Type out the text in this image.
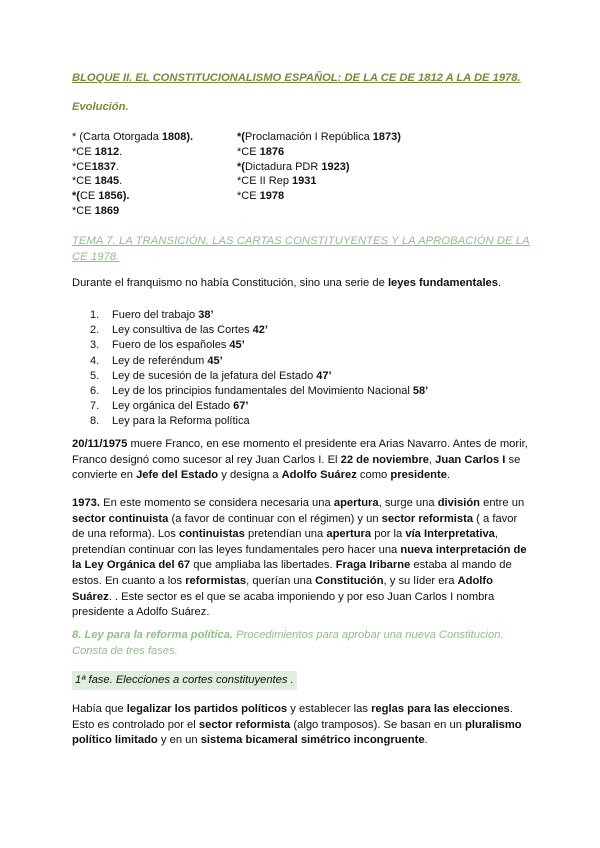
BLOQUE II. EL CONSTITUCIONALISMO ESPAÑOL: DE LA CE DE 1812 A LA DE 1978.
Evolución.
* (Carta Otorgada 1808).
*CE 1812.
*CE1837.
*CE 1845.
*(CE 1856).
*CE 1869
*(Proclamación I República 1873)
*CE 1876
*(Dictadura PDR 1923)
*CE II Rep 1931
*CE 1978
TEMA 7. LA TRANSICIÓN, LAS CARTAS CONSTITUYENTES Y LA APROBACIÓN DE LA CE 1978.
Durante el franquismo no había Constitución, sino una serie de leyes fundamentales.
1. Fuero del trabajo 38’
2. Ley consultiva de las Cortes 42’
3. Fuero de los españoles 45’
4. Ley de referéndum 45’
5. Ley de sucesión de la jefatura del Estado 47’
6. Ley de los principios fundamentales del Movimiento Nacional 58’
7. Ley orgánica del Estado 67’
8. Ley para la Reforma política
20/11/1975 muere Franco, en ese momento el presidente era Arias Navarro. Antes de morir, Franco designó como sucesor al rey Juan Carlos I. El 22 de noviembre, Juan Carlos I se convierte en Jefe del Estado y designa a Adolfo Suárez como presidente.
1973. En este momento se considera necesaria una apertura, surge una división entre un sector continuista (a favor de continuar con el régimen) y un sector reformista ( a favor de una reforma). Los continuistas pretendían una apertura por la vía Interpretativa, pretendían continuar con las leyes fundamentales pero hacer una nueva interpretación de la Ley Orgánica del 67 que ampliaba las libertades. Fraga Iribarne estaba al mando de estos. En cuanto a los reformistas, querían una Constitución, y su líder era Adolfo Suárez. . Este sector es el que se acaba imponiendo y por eso Juan Carlos I nombra presidente a Adolfo Suárez.
8. Ley para la reforma política. Procedimientos para aprobar una nueva Constitucion. Consta de tres fases.
1ª fase. Elecciones a cortes constituyentes .
Había que legalizar los partidos políticos y establecer las reglas para las elecciones. Esto es controlado por el sector reformista (algo tramposos). Se basan en un pluralismo político limitado y en un sistema bicameral simétrico incongruente.
